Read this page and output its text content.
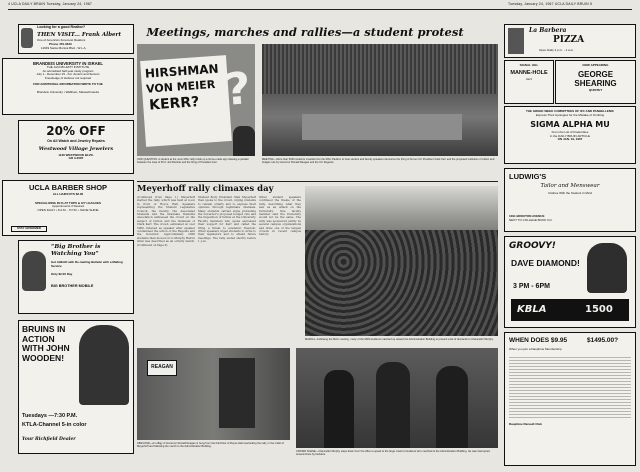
4 UCLA DAILY BRUIN Tuesday, January 24, 1967	Tuesday, January 24, 1967 UCLA DAILY BRUIN 5
Meetings, marches and rallies—a student protest

Looking for a good Realtor?

THEN VISIT... Frank Albert

One of America's Foremost Realtors

Phone 479-3333

11949 Santa Monica Blvd., W.L.A.

BRANDEIS UNIVERSITY IN ISRAEL

THE JACOB HIATT INSTITUTE

An accredited half-year study program

July 1 - December 15 - For Juniors and Seniors

Knowledge of Hebrew not required

FOR ADDITIONAL INFORMATION WRITE TO THE

Brandeis University • Waltham, Massachusetts

20% OFF

On All Watch and Jewelry Repairs

Westwood Village Jewelers

1136 WESTWOOD BLVD.

GR 3-2087

UCLA BARBER SHOP

ALL HAIRCUTS $2.00

SPECIALIZING IN FLAT TOPS & IVY LEAGUES

Appointments if Desired

OPEN DAILY • 8 A.M. - 5 P.M. • SHOE SHINE

STAY GROOMED

“Big Brother is Watching You”

Get AHEAD with Re-mailing Bulletin with a Mailing Service

Only $2.00 Day

BIG BROTHER MOBILE

BRUINS IN ACTION WITH JOHN WOODEN!

Tuesdays —7:30 P.M.

KTLA-Channel 5-in color

Your Richfield Dealer

HIRSHMAN

VON MEIER

KERR? ?
ODD QUESTION: A student at the noon MAC rally holds up a home-made sign drawing a parallel between the case of Prof. Jed Reinhar and the firing of President Kerr.
MEETING—More than 5000 students crowded into the MAC Pavilion to hear student and faculty speakers denounce the firing of former UC President Clark Kerr and the proposed institution of tuition and budget cuts by Governor Ronald Reagan and the UC Regents.
Meyerhoff rally climaxes day
(Continued from Page 1) Meyerhoff started the rally, which was held at noon in front of Royce Hall. Speakers representing the Student Legislative Council, the faculty, the Associated Students and the Graduate Students Association addressed the crowd on the subject of tuition and the dismissal of Clark Kerr. The crowd, estimated at over 5000, listened as speaker after speaker condemned the action of the Regents and the Governor. Approximately 2000 students then moved on to Murphy Hall in what was described as an orderly march. (Continued on Page 8)
Student Body President Stan Meyerhoff then spoke to the crowd, urging students to remain orderly and to express their opinions through legitimate channels. Many students carried signs protesting the Governor's proposed budget cuts and the imposition of tuition at the University. Faculty members who spoke expressed their support for Kerr and called the firing a threat to academic freedom. Other speakers urged students to write to their legislators and to attend future meetings. The rally ended shortly before 1 p.m.
Other student speakers continued the theme of the rally, describing what they saw as an attack on the University. One faculty member said the University would not be the same. The rally was sponsored jointly by several campus organizations and drew one of the largest crowds in recent campus history.
MARCH—Following the MAC meeting, many of the 9000 students marched up toward the Administration Building to present a list of demands to Chancellor Murphy.

REAGAN

ABSCOND—An effigy of Governor Ronald Reagan is hung from the third floor of Royce Hall overlooking the rally, in the midst of Meyerhoff and following the march to the Administration Building.
CROWD SCENE—Chancellor Murphy steps down from his office to speak to the large crowd of students who marched to the Administration Building. He was interrupted several times by hecklers.

La Barbera

PIZZA

Open Daily 4 p.m. - 1 a.m.

SIGNAL HILL

MANNE-HOLE

Jazz

NOW APPEARING

GEORGE SHEARING

QUINTET

THE GREEK WEEK COMMITTEES OF IFC AND PANHELLENIC

Express Their Apologies for the Mistake of Omitting

SIGMA ALPHA MU

From the List of Fraternities

in the DAILY BRUIN ARTICLE

ON JAN. 19, 1967

LUDWIG'S

Tailor and Menswear

Clothes With the Student In Mind

1091 BROXTON AVENUE

NEXT TO COLLEGE BOOK CO.

GROOVY!

DAVE DIAMOND!

3 PM - 6PM

KBLA	1500

WHEN DOES $9.95	$1495.00?

When you join a Dauphine Membership

Dauphine Renault Club
